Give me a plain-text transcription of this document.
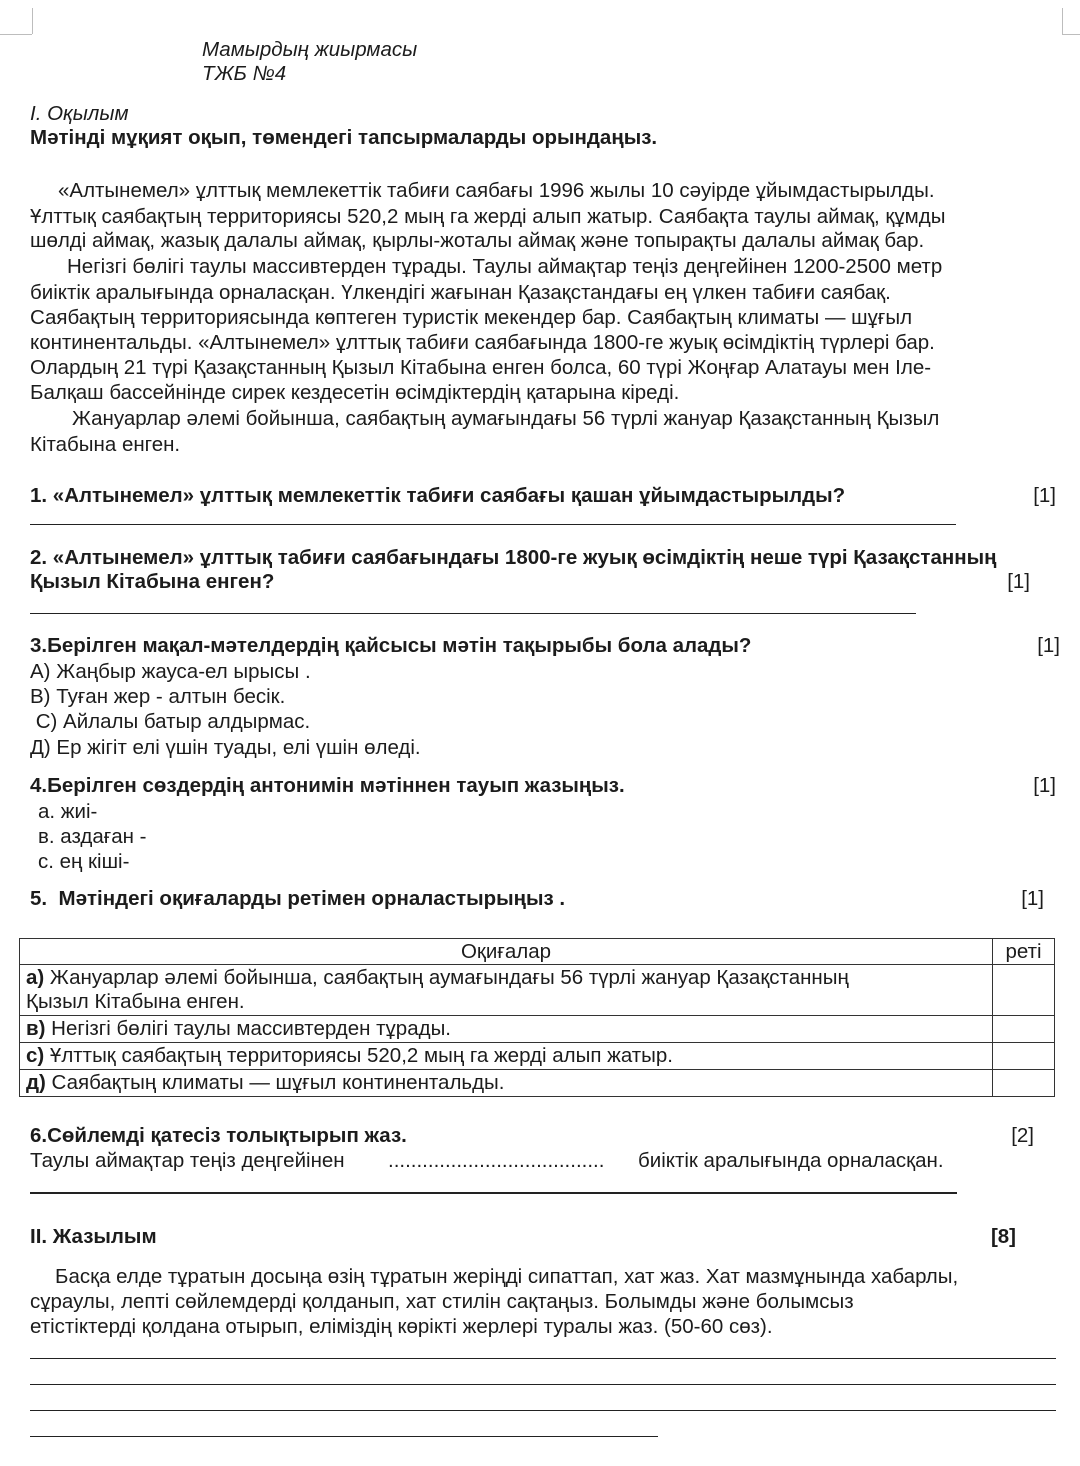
Мамырдың жиырмасы
ТЖБ №4
I. Оқылым
Мәтінді мұқият оқып, төмендегі тапсырмаларды орындаңыз.
«Алтынемел» ұлттық мемлекеттік табиғи саябағы 1996 жылы 10 сәуірде ұйымдастырылды.
Ұлттық саябақтың территориясы 520,2 мың га жерді алып жатыр. Саябақта таулы аймақ, құмды
шөлді аймақ, жазық далалы аймақ, қырлы-жоталы аймақ және топырақты далалы аймақ бар.
Негізгі бөлігі таулы массивтерден тұрады. Таулы аймақтар теңіз деңгейінен 1200-2500 метр
биіктік аралығында орналасқан. Үлкендігі жағынан Қазақстандағы ең үлкен табиғи саябақ.
Саябақтың территориясында көптеген туристік мекендер бар. Саябақтың климаты — шұғыл
континентальды. «Алтынемел» ұлттық табиғи саябағында 1800-ге жуық өсімдіктің түрлері бар.
Олардың 21 түрі Қазақстанның Қызыл Кітабына енген болса, 60 түрі Жоңғар Алатауы мен Іле-
Балқаш бассейнінде сирек кездесетін өсімдіктердің қатарына кіреді.
Жануарлар әлемі бойынша, саябақтың аумағындағы 56 түрлі жануар Қазақстанның Қызыл
Кітабына енген.
1. «Алтынемел» ұлттық мемлекеттік табиғи саябағы қашан ұйымдастырылды?	[1]
2. «Алтынемел» ұлттық табиғи саябағындағы 1800-ге жуық өсімдіктің неше түрі Қазақстанның
Қызыл Кітабына енген?	[1]
3.Берілген мақал-мәтелдердің қайсысы мәтін тақырыбы бола алады?	[1]
А) Жаңбыр жауса-ел ырысы .
В) Туған жер - алтын бесік.
С) Айлалы батыр алдырмас.
Д) Ер жігіт елі үшін туады, елі үшін өледі.
4.Берілген сөздердің антонимін мәтіннен тауып жазыңыз.	[1]
а. жиі-
в. аздаған -
с. ең кіші-
5.  Мәтіндегі оқиғаларды ретімен орналастырыңыз .	[1]
Оқиғалар	реті
а) Жануарлар әлемі бойынша, саябақтың аумағындағы 56 түрлі жануар Қазақстанның
Қызыл Кітабына енген.	
в) Негізгі бөлігі таулы массивтерден тұрады.	
с) Ұлттық саябақтың территориясы 520,2 мың га жерді алып жатыр.	
д) Саябақтың климаты — шұғыл континентальды.	
6.Сөйлемді қатесіз толықтырып жаз.	[2]
Таулы аймақтар теңіз деңгейінен ...................................... биіктік аралығында орналасқан.
II. Жазылым	[8]
Басқа елде тұратын досыңа өзің тұратын жеріңді сипаттап, хат жаз. Хат мазмұнында хабарлы,
сұраулы, лепті сөйлемдерді қолданып, хат стилін сақтаңыз. Болымды және болымсыз
етістіктерді қолдана отырып, еліміздің көрікті жерлері туралы жаз. (50-60 сөз).
